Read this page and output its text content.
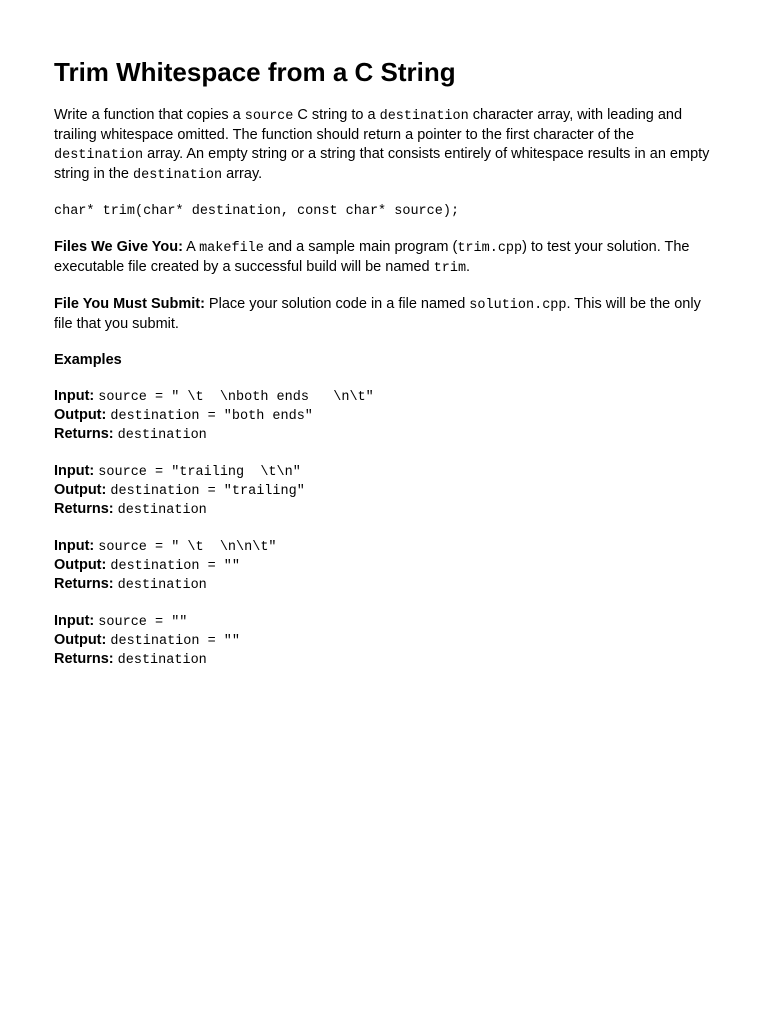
Trim Whitespace from a C String

Write a function that copies a source C string to a destination character array, with leading and trailing whitespace omitted. The function should return a pointer to the first character of the destination array. An empty string or a string that consists entirely of whitespace results in an empty string in the destination array.

char* trim(char* destination, const char* source);

Files We Give You: A makefile and a sample main program (trim.cpp) to test your solution. The executable file created by a successful build will be named trim.

File You Must Submit: Place your solution code in a file named solution.cpp. This will be the only file that you submit.

Examples
Input: source = " \t  \nboth ends   \n\t"
Output: destination = "both ends"
Returns: destination
Input: source = "trailing  \t\n"
Output: destination = "trailing"
Returns: destination
Input: source = " \t  \n\n\t"
Output: destination = ""
Returns: destination
Input: source = ""
Output: destination = ""
Returns: destination
